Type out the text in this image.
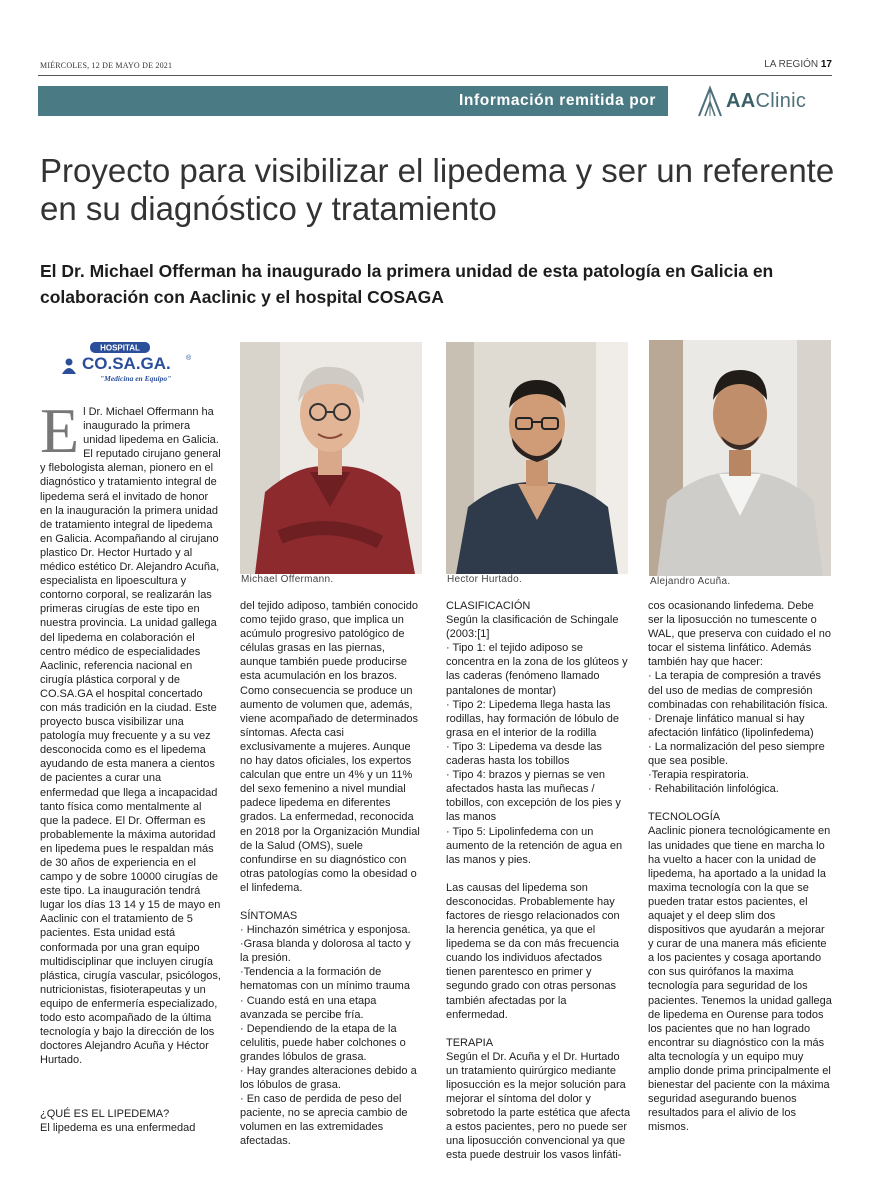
MIÉRCOLES, 12 DE MAYO DE 2021	LA REGIÓN 17
Información remitida por	AAClinic
Proyecto para visibilizar el lipedema y ser un referente en su diagnóstico y tratamiento
El Dr. Michael Offerman ha inaugurado la primera unidad de esta patología en Galicia en colaboración con Aaclinic y el hospital COSAGA
HOSPITAL
CO.SA.GA. ®
"Medicina en Equipo"
E l Dr. Michael Offermann ha inaugurado la primera unidad lipedema en Galicia. El reputado cirujano general y flebologista aleman, pionero en el diagnóstico y tratamiento integral de lipedema será el invitado de honor en la inauguración la primera unidad de tratamiento integral de lipedema en Galicia. Acompañando al cirujano plastico Dr. Hector Hurtado y al médico estético Dr. Alejandro Acuña, especialista en lipoescultura y contorno corporal, se realizarán las primeras cirugías de este tipo en nuestra provincia. La unidad gallega del lipedema en colaboración el centro médico de especialidades Aaclinic, referencia nacional en cirugía plástica corporal y de CO.SA.GA el hospital concertado con más tradición en la ciudad. Este proyecto busca visibilizar una patología muy frecuente y a su vez desconocida como es el lipedema ayudando de esta manera a cientos de pacientes a curar una enfermedad que llega a incapacidad tanto física como mentalmente al que la padece. El Dr. Offerman es probablemente la máxima autoridad en lipedema pues le respaldan más de 30 años de experiencia en el campo y de sobre 10000 cirugías de este tipo. La inauguración tendrá lugar los días 13 14 y 15 de mayo en Aaclinic con el tratamiento de 5 pacientes. Esta unidad está conformada por una gran equipo multidisciplinar que incluyen cirugía plástica, cirugía vascular, psicólogos, nutricionistas, fisioterapeutas y un equipo de enfermería especializado, todo esto acompañado de la última tecnología y bajo la dirección de los doctores Alejandro Acuña y Héctor Hurtado.

¿QUÉ ES EL LIPEDEMA?

El lipedema es una enfermedad

Michael Offermann.	Hector Hurtado.	Alejandro Acuña.

del tejido adiposo, también conocido como tejido graso, que implica un acúmulo progresivo patológico de células grasas en las piernas, aunque también puede producirse esta acumulación en los brazos. Como consecuencia se produce un aumento de volumen que, además, viene acompañado de determinados síntomas. Afecta casi exclusivamente a mujeres. Aunque no hay datos oficiales, los expertos calculan que entre un 4% y un 11% del sexo femenino a nivel mundial padece lipedema en diferentes grados. La enfermedad, reconocida en 2018 por la Organización Mundial de la Salud (OMS), suele confundirse en su diagnóstico con otras patologías como la obesidad o el linfedema.

SÍNTOMAS

· Hinchazón simétrica y esponjosa.

·Grasa blanda y dolorosa al tacto y la presión.

·Tendencia a la formación de hematomas con un mínimo trauma

· Cuando está en una etapa avanzada se percibe fría.

· Dependiendo de la etapa de la celulitis, puede haber colchones o grandes lóbulos de grasa.

· Hay grandes alteraciones debido a los lóbulos de grasa.

· En caso de perdida de peso del paciente, no se aprecia cambio de volumen en las extremidades afectadas.

CLASIFICACIÓN

Según la clasificación de Schingale (2003:[1]

· Tipo 1: el tejido adiposo se concentra en la zona de los glúteos y las caderas (fenómeno llamado pantalones de montar)

· Tipo 2: Lipedema llega hasta las rodillas, hay formación de lóbulo de grasa en el interior de la rodilla

· Tipo 3: Lipedema va desde las caderas hasta los tobillos

· Tipo 4: brazos y piernas se ven afectados hasta las muñecas / tobillos, con excepción de los pies y las manos

· Tipo 5: Lipolinfedema con un aumento de la retención de agua en las manos y pies.

Las causas del lipedema son desconocidas. Probablemente hay factores de riesgo relacionados con la herencia genética, ya que el lipedema se da con más frecuencia cuando los individuos afectados tienen parentesco en primer y segundo grado con otras personas también afectadas por la enfermedad.

TERAPIA

Según el Dr. Acuña y el Dr. Hurtado un tratamiento quirúrgico mediante liposucción es la mejor solución para mejorar el síntoma del dolor y sobretodo la parte estética que afecta a estos pacientes, pero no puede ser una liposucción convencional ya que esta puede destruir los vasos linfáti-

cos ocasionando linfedema. Debe ser la liposucción no tumescente o WAL, que preserva con cuidado el no tocar el sistema linfático. Además también hay que hacer:

· La terapia de compresión a través del uso de medias de compresión combinadas con rehabilitación física.

· Drenaje linfático manual si hay afectación linfático (lipolinfedema)

· La normalización del peso siempre que sea posible.

·Terapia respiratoria.

· Rehabilitación linfológica.

TECNOLOGÍA

Aaclinic pionera tecnológicamente en las unidades que tiene en marcha lo ha vuelto a hacer con la unidad de lipedema, ha aportado a la unidad la maxima tecnología con la que se pueden tratar estos pacientes, el aquajet y el deep slim dos dispositivos que ayudarán a mejorar y curar de una manera más eficiente a los pacientes y cosaga aportando con sus quirófanos la maxima tecnología para seguridad de los pacientes. Tenemos la unidad gallega de lipedema en Ourense para todos los pacientes que no han logrado encontrar su diagnóstico con la más alta tecnología y un equipo muy amplio donde prima principalmente el bienestar del paciente con la máxima seguridad asegurando buenos resultados para el alivio de los mismos.
